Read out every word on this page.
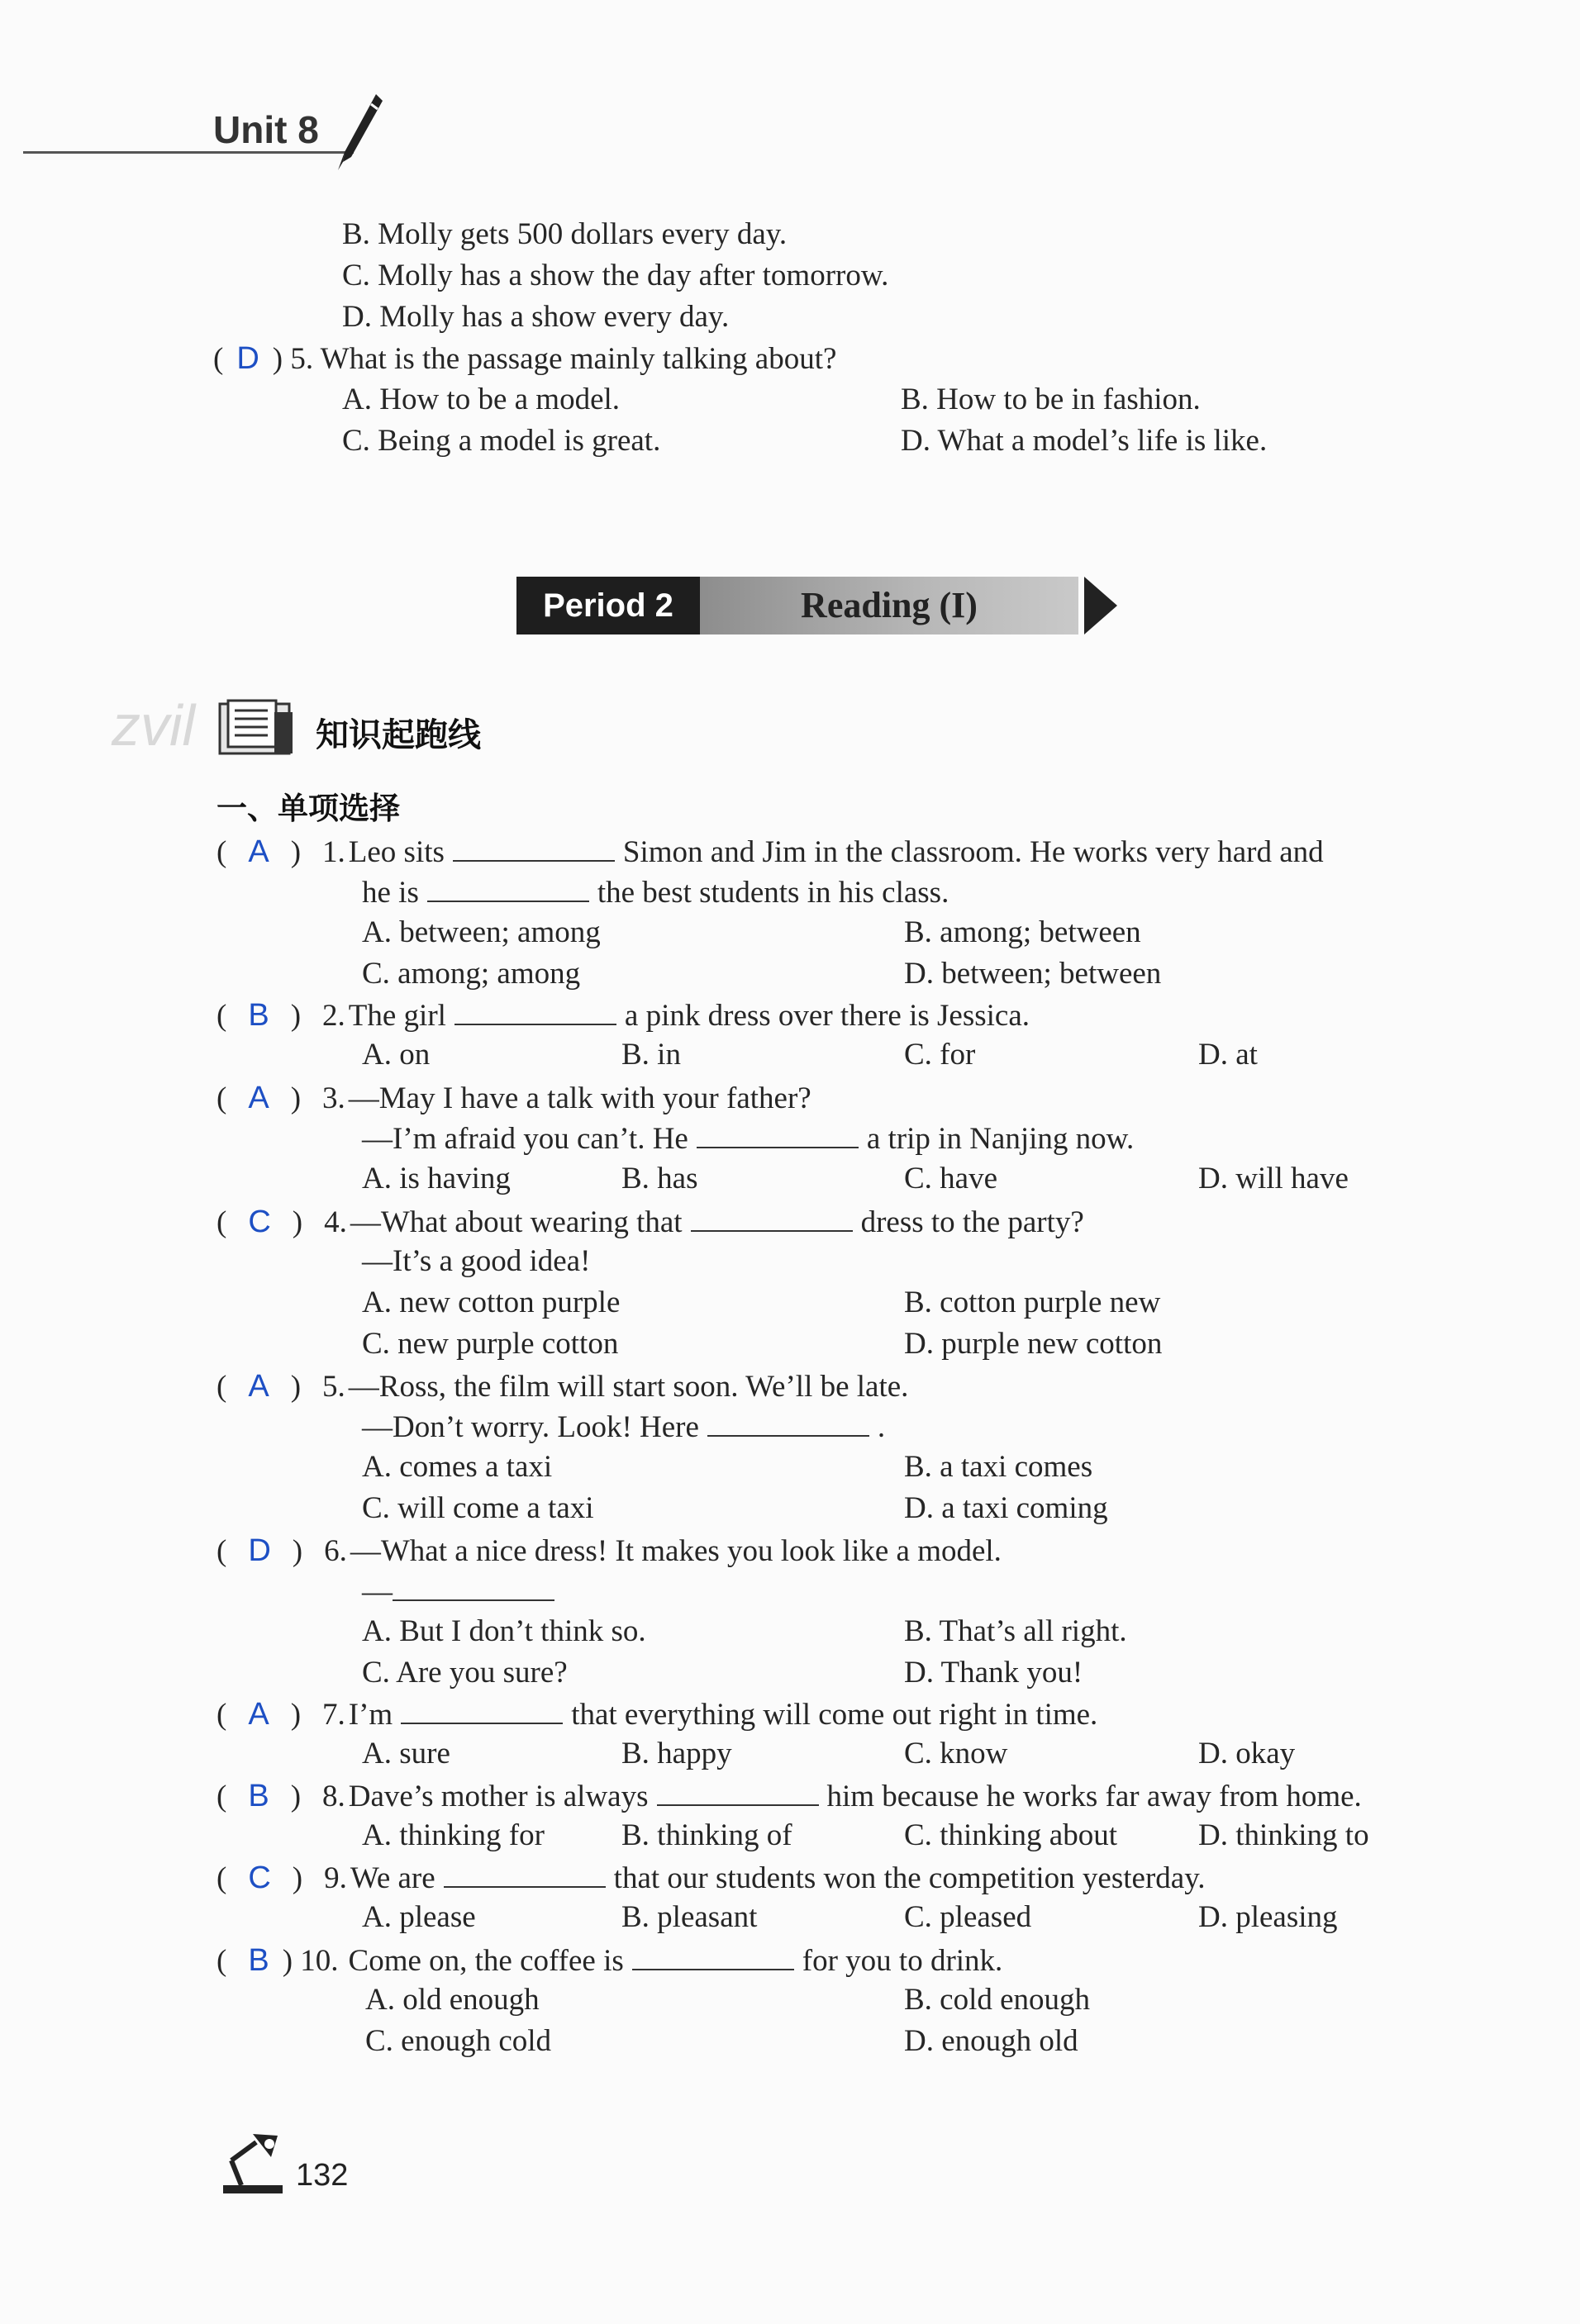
Unit 8
B. Molly gets 500 dollars every day.
C. Molly has a show the day after tomorrow.
D. Molly has a show every day.
( D ) 5. What is the passage mainly talking about?
A. How to be a model.	B. How to be in fashion.
C. Being a model is great.	D. What a model’s life is like.
Period 2	Reading (I)
zvil	知识起跑线
一、单项选择
( A ) 1. Leo sits	Simon and Jim in the classroom. He works very hard and
he is	the best students in his class.
A. between; among	B. among; between
C. among; among	D. between; between
( B ) 2. The girl	a pink dress over there is Jessica.
A. on	B. in	C. for	D. at
( A ) 3. —May I have a talk with your father?
—I’m afraid you can’t. He	a trip in Nanjing now.
A. is having	B. has	C. have	D. will have
( C ) 4. —What about wearing that	dress to the party?
—It’s a good idea!
A. new cotton purple	B. cotton purple new
C. new purple cotton	D. purple new cotton
( A ) 5. —Ross, the film will start soon. We’ll be late.
—Don’t worry. Look! Here	.
A. comes a taxi	B. a taxi comes
C. will come a taxi	D. a taxi coming
( D ) 6. —What a nice dress! It makes you look like a model.
—
A. But I don’t think so.	B. That’s all right.
C. Are you sure?	D. Thank you!
( A ) 7. I’m	that everything will come out right in time.
A. sure	B. happy	C. know	D. okay
( B ) 8. Dave’s mother is always	him because he works far away from home.
A. thinking for	B. thinking of	C. thinking about	D. thinking to
( C ) 9. We are	that our students won the competition yesterday.
A. please	B. pleasant	C. pleased	D. pleasing
( B ) 10. Come on, the coffee is	for you to drink.
A. old enough	B. cold enough
C. enough cold	D. enough old
132
